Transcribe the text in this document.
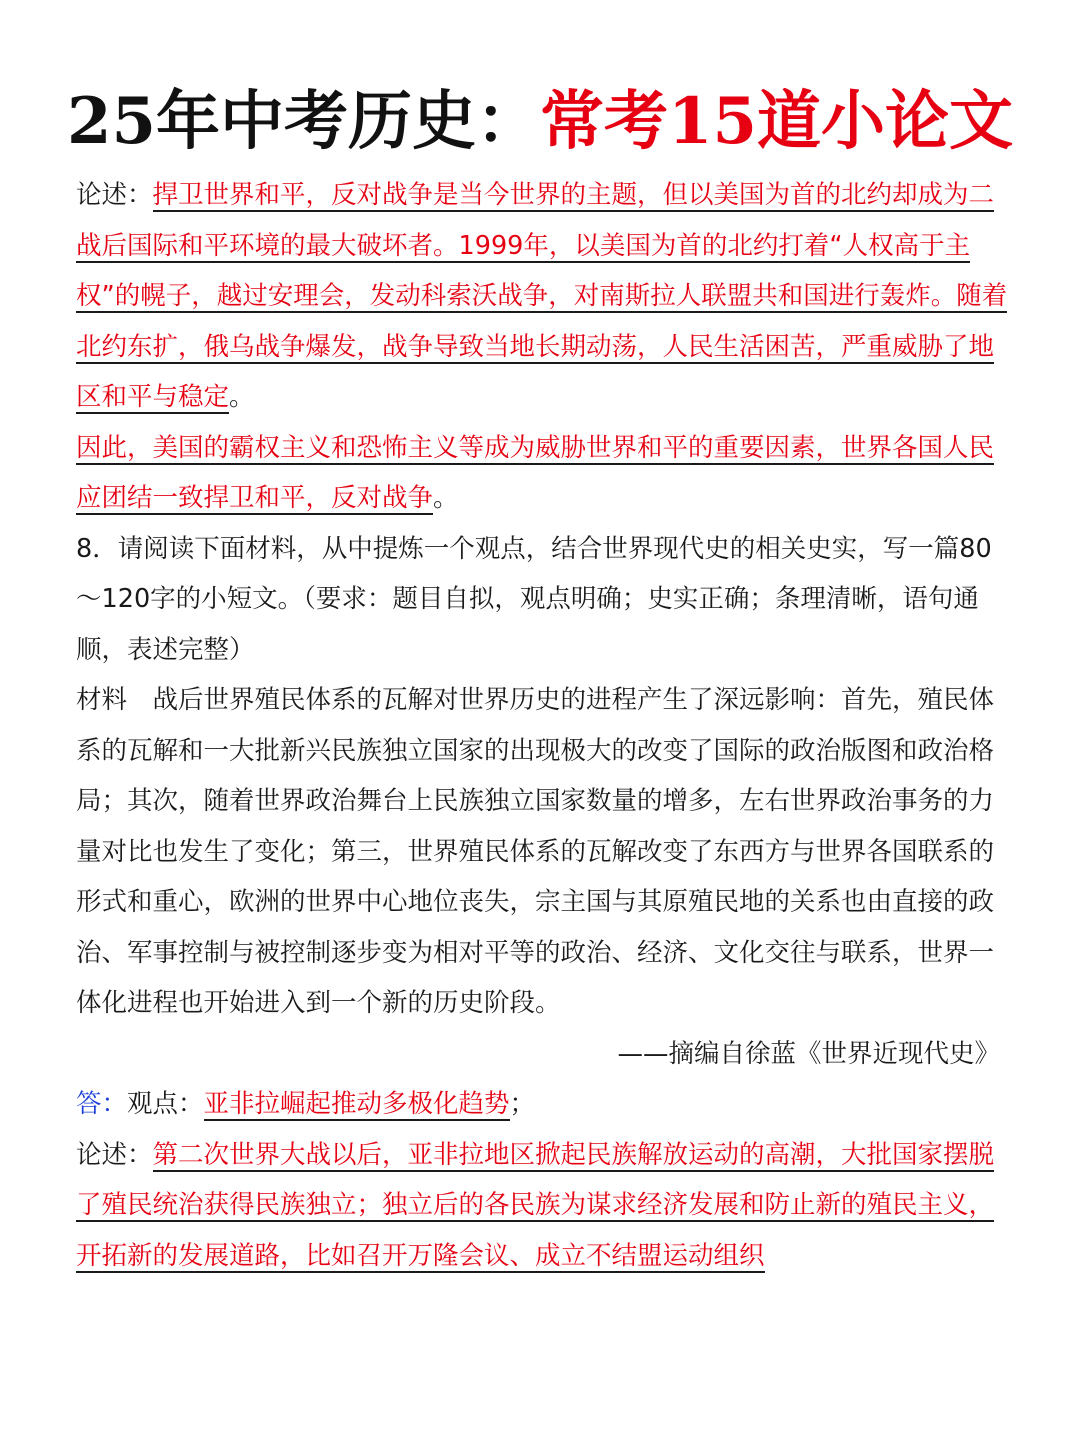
25年中考历史：常考15道小论文

论述：捍卫世界和平，反对战争是当今世界的主题，但以美国为首的北约却成为二战后国际和平环境的最大破坏者。1999年，以美国为首的北约打着“人权高于主权”的幌子，越过安理会，发动科索沃战争，对南斯拉人联盟共和国进行轰炸。随着北约东扩，俄乌战争爆发，战争导致当地长期动荡，人民生活困苦，严重威胁了地区和平与稳定。

因此，美国的霸权主义和恐怖主义等成为威胁世界和平的重要因素，世界各国人民应团结一致捍卫和平，反对战争。

8．请阅读下面材料，从中提炼一个观点，结合世界现代史的相关史实，写一篇80～120字的小短文。（要求：题目自拟，观点明确；史实正确；条理清晰，语句通顺，表述完整）

材料  战后世界殖民体系的瓦解对世界历史的进程产生了深远影响：首先，殖民体系的瓦解和一大批新兴民族独立国家的出现极大的改变了国际的政治版图和政治格局；其次，随着世界政治舞台上民族独立国家数量的增多，左右世界政治事务的力量对比也发生了变化；第三，世界殖民体系的瓦解改变了东西方与世界各国联系的形式和重心，欧洲的世界中心地位丧失，宗主国与其原殖民地的关系也由直接的政治、军事控制与被控制逐步变为相对平等的政治、经济、文化交往与联系，世界一体化进程也开始进入到一个新的历史阶段。

——摘编自徐蓝《世界近现代史》

答：观点：亚非拉崛起推动多极化趋势；

论述：第二次世界大战以后，亚非拉地区掀起民族解放运动的高潮，大批国家摆脱了殖民统治获得民族独立；独立后的各民族为谋求经济发展和防止新的殖民主义，开拓新的发展道路，比如召开万隆会议、成立不结盟运动组织
